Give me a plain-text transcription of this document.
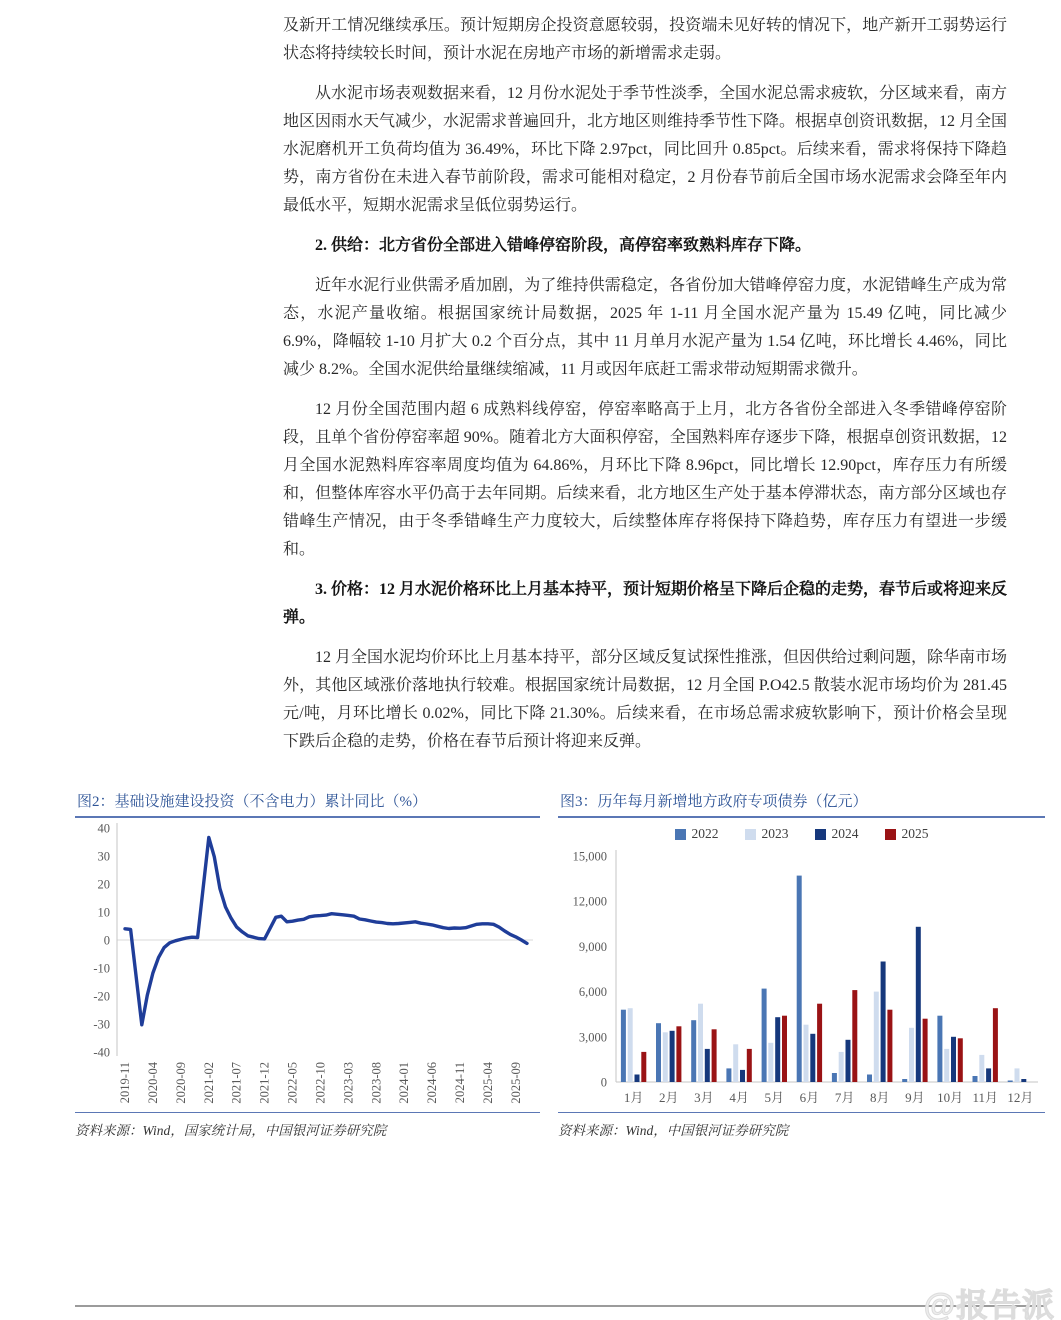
及新开工情况继续承压。预计短期房企投资意愿较弱，投资端未见好转的情况下，地产新开工弱势运行状态将持续较长时间，预计水泥在房地产市场的新增需求走弱。

从水泥市场表观数据来看，12 月份水泥处于季节性淡季，全国水泥总需求疲软，分区域来看，南方地区因雨水天气减少，水泥需求普遍回升，北方地区则维持季节性下降。根据卓创资讯数据，12 月全国水泥磨机开工负荷均值为 36.49%，环比下降 2.97pct，同比回升 0.85pct。后续来看，需求将保持下降趋势，南方省份在未进入春节前阶段，需求可能相对稳定，2 月份春节前后全国市场水泥需求会降至年内最低水平，短期水泥需求呈低位弱势运行。

2. 供给：北方省份全部进入错峰停窑阶段，高停窑率致熟料库存下降。

近年水泥行业供需矛盾加剧，为了维持供需稳定，各省份加大错峰停窑力度，水泥错峰生产成为常态，水泥产量收缩。根据国家统计局数据，2025 年 1-11 月全国水泥产量为 15.49 亿吨，同比减少 6.9%，降幅较 1-10 月扩大 0.2 个百分点，其中 11 月单月水泥产量为 1.54 亿吨，环比增长 4.46%，同比减少 8.2%。全国水泥供给量继续缩减，11 月或因年底赶工需求带动短期需求微升。

12 月份全国范围内超 6 成熟料线停窑，停窑率略高于上月，北方各省份全部进入冬季错峰停窑阶段，且单个省份停窑率超 90%。随着北方大面积停窑，全国熟料库存逐步下降，根据卓创资讯数据，12 月全国水泥熟料库容率周度均值为 64.86%，月环比下降 8.96pct，同比增长 12.90pct，库存压力有所缓和，但整体库容水平仍高于去年同期。后续来看，北方地区生产处于基本停滞状态，南方部分区域也存错峰生产情况，由于冬季错峰生产力度较大，后续整体库存将保持下降趋势，库存压力有望进一步缓和。

3. 价格：12 月水泥价格环比上月基本持平，预计短期价格呈下降后企稳的走势，春节后或将迎来反弹。

12 月全国水泥均价环比上月基本持平，部分区域反复试探性推涨，但因供给过剩问题，除华南市场外，其他区域涨价落地执行较难。根据国家统计局数据，12 月全国 P.O42.5 散装水泥市场均价为 281.45 元/吨，月环比增长 0.02%，同比下降 21.30%。后续来看，在市场总需求疲软影响下，预计价格会呈现下跌后企稳的走势，价格在春节后预计将迎来反弹。

图2：基础设施建设投资（不含电力）累计同比（%）
40
30
20
10
0
-10
-20
-30
-40
2019-11 2020-04 2020-09 2021-02 2021-07 2021-12 2022-05 2022-10 2023-03 2023-08 2024-01 2024-06 2024-11 2025-04 2025-09
资料来源：Wind，国家统计局，中国银河证券研究院
图3：历年每月新增地方政府专项债券（亿元）
2022	2023	2024	2025
15,000
12,000
9,000
6,000
3,000
0
1月 2月 3月 4月 5月 6月 7月 8月 9月 10月 11月 12月
资料来源：Wind，中国银河证券研究院
@报告派
